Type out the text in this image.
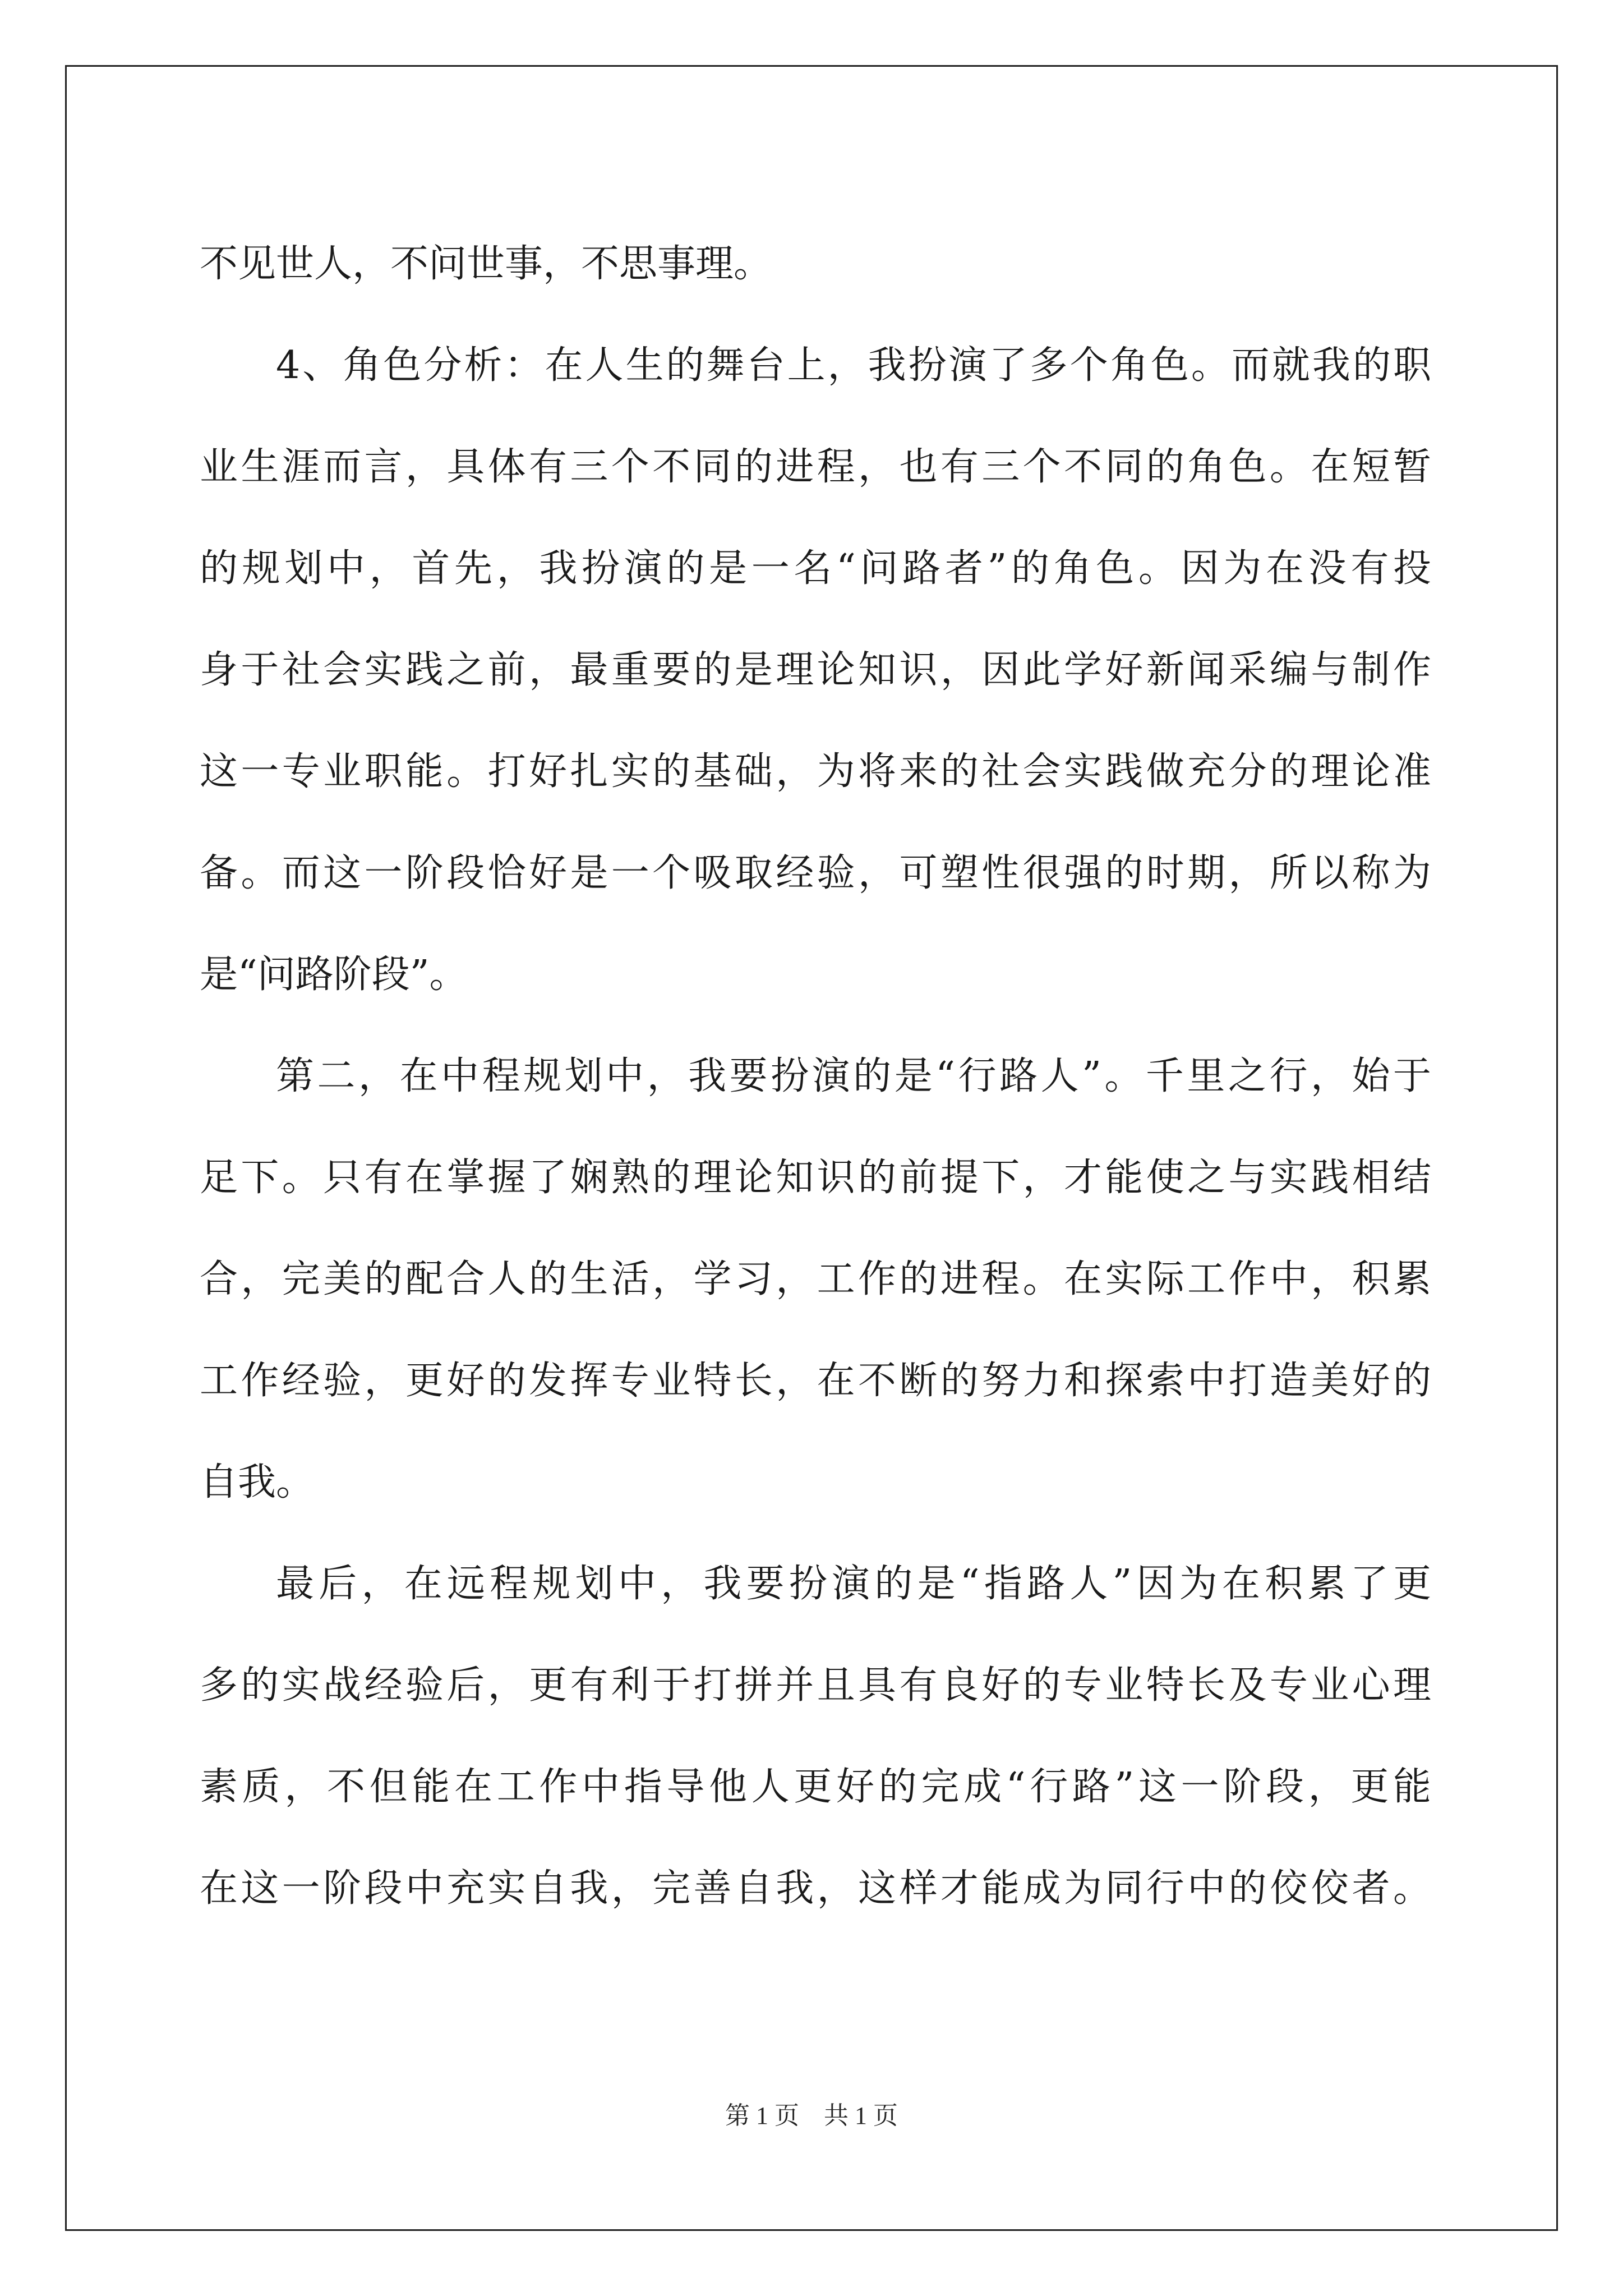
不见世人，不问世事，不思事理。
4、角色分析：在人生的舞台上，我扮演了多个角色。而就我的职
业生涯而言，具体有三个不同的进程，也有三个不同的角色。在短暂
的规划中，首先，我扮演的是一名“问路者”的角色。因为在没有投
身于社会实践之前，最重要的是理论知识，因此学好新闻采编与制作
这一专业职能。打好扎实的基础，为将来的社会实践做充分的理论准
备。而这一阶段恰好是一个吸取经验，可塑性很强的时期，所以称为
是“问路阶段”。
第二，在中程规划中，我要扮演的是“行路人”。千里之行，始于
足下。只有在掌握了娴熟的理论知识的前提下，才能使之与实践相结
合，完美的配合人的生活，学习，工作的进程。在实际工作中，积累
工作经验，更好的发挥专业特长，在不断的努力和探索中打造美好的
自我。
最后，在远程规划中，我要扮演的是“指路人”因为在积累了更
多的实战经验后，更有利于打拼并且具有良好的专业特长及专业心理
素质，不但能在工作中指导他人更好的完成“行路”这一阶段，更能
在这一阶段中充实自我，完善自我，这样才能成为同行中的佼佼者。
第 1 页　共 1 页
